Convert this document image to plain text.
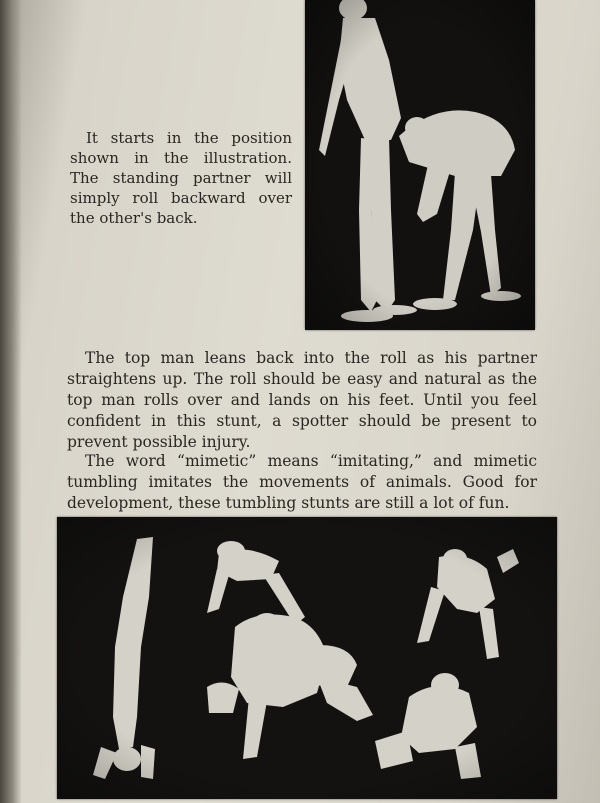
It starts in the position shown in the illustration. The standing partner will simply roll backward over the other's back.

The top man leans back into the roll as his partner straightens up. The roll should be easy and natural as the top man rolls over and lands on his feet. Until you feel confident in this stunt, a spotter should be present to prevent possible injury.

The word “mimetic” means “imitating,” and mimetic tumbling imitates the movements of animals. Good for development, these tumbling stunts are still a lot of fun.
